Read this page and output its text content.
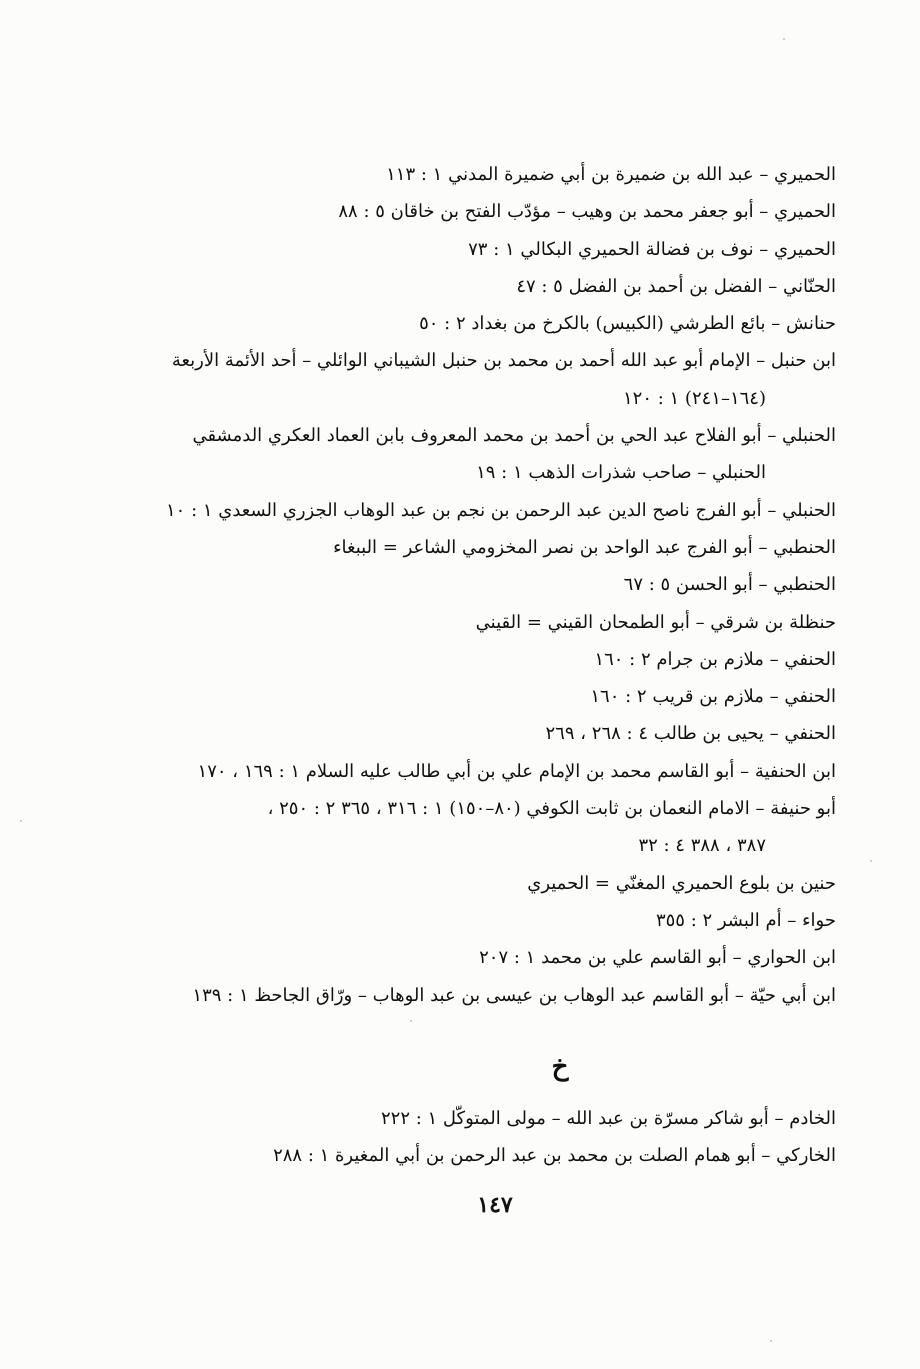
الحميري – عبد الله بن ضميرة بن أبي ضميرة المدني ١ : ١١٣
الحميري – أبو جعفر محمد بن وهيب – مؤدّب الفتح بن خاقان ٥ : ٨٨
الحميري – نوف بن فضالة الحميري البكالي ١ : ٧٣
الحنّاني – الفضل بن أحمد بن الفضل ٥ : ٤٧
حنانش – بائع الطرشي (الكبيس) بالكرخ من بغداد ٢ : ٥٠
ابن حنبل – الإمام أبو عبد الله أحمد بن محمد بن حنبل الشيباني الوائلي – أحد الأئمة الأربعة
(١٦٤–٢٤١) ١ : ١٢٠
الحنبلي – أبو الفلاح عبد الحي بن أحمد بن محمد المعروف بابن العماد العكري الدمشقي
الحنبلي – صاحب شذرات الذهب ١ : ١٩
الحنبلي – أبو الفرج ناصح الدين عبد الرحمن بن نجم بن عبد الوهاب الجزري السعدي ١ : ١٠
الحنطبي – أبو الفرج عبد الواحد بن نصر المخزومي الشاعر = الببغاء
الحنطبي – أبو الحسن ٥ : ٦٧
حنظلة بن شرقي – أبو الطمحان القيني = القيني
الحنفي – ملازم بن جرام ٢ : ١٦٠
الحنفي – ملازم بن قريب ٢ : ١٦٠
الحنفي – يحيى بن طالب ٤ : ٢٦٨ ، ٢٦٩
ابن الحنفية – أبو القاسم محمد بن الإمام علي بن أبي طالب عليه السلام ١ : ١٦٩ ، ١٧٠
أبو حنيفة – الامام النعمان بن ثابت الكوفي (٨٠–١٥٠) ١ : ٣١٦ ، ٣٦٥ ٢ : ٢٥٠ ،
٣٨٧ ، ٣٨٨ ٤ : ٣٢
حنين بن بلوع الحميري المغنّي = الحميري
حواء – أم البشر ٢ : ٣٥٥
ابن الحواري – أبو القاسم علي بن محمد ١ : ٢٠٧
ابن أبي حيّة – أبو القاسم عبد الوهاب بن عيسى بن عبد الوهاب – ورّاق الجاحظ ١ : ١٣٩
خ
الخادم – أبو شاكر مسرّة بن عبد الله – مولى المتوكّل ١ : ٢٢٢
الخاركي – أبو همام الصلت بن محمد بن عبد الرحمن بن أبي المغيرة ١ : ٢٨٨
١٤٧
